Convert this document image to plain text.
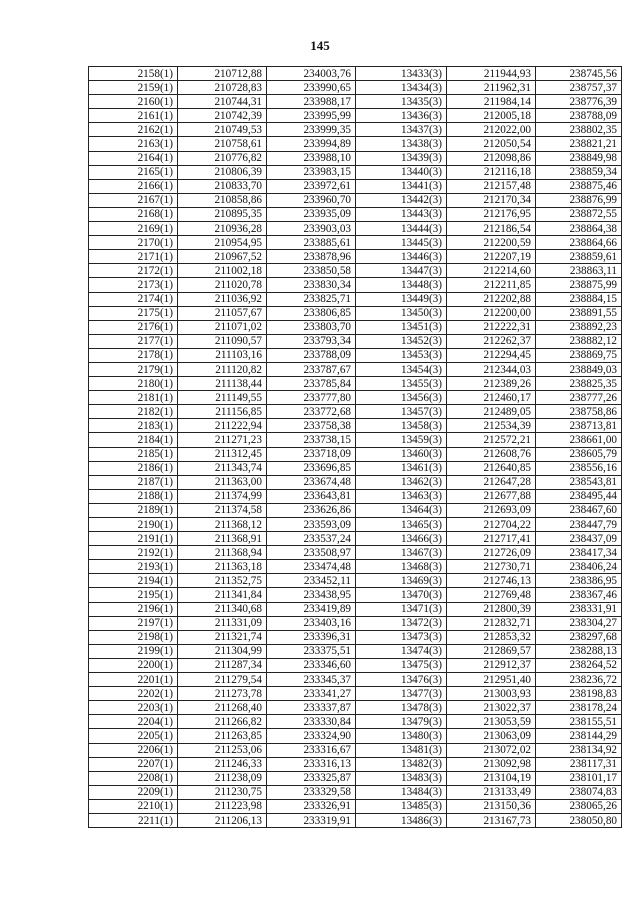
145
2158(1)	210712,88	234003,76	13433(3)	211944,93	238745,56
2159(1)	210728,83	233990,65	13434(3)	211962,31	238757,37
2160(1)	210744,31	233988,17	13435(3)	211984,14	238776,39
2161(1)	210742,39	233995,99	13436(3)	212005,18	238788,09
2162(1)	210749,53	233999,35	13437(3)	212022,00	238802,35
2163(1)	210758,61	233994,89	13438(3)	212050,54	238821,21
2164(1)	210776,82	233988,10	13439(3)	212098,86	238849,98
2165(1)	210806,39	233983,15	13440(3)	212116,18	238859,34
2166(1)	210833,70	233972,61	13441(3)	212157,48	238875,46
2167(1)	210858,86	233960,70	13442(3)	212170,34	238876,99
2168(1)	210895,35	233935,09	13443(3)	212176,95	238872,55
2169(1)	210936,28	233903,03	13444(3)	212186,54	238864,38
2170(1)	210954,95	233885,61	13445(3)	212200,59	238864,66
2171(1)	210967,52	233878,96	13446(3)	212207,19	238859,61
2172(1)	211002,18	233850,58	13447(3)	212214,60	238863,11
2173(1)	211020,78	233830,34	13448(3)	212211,85	238875,99
2174(1)	211036,92	233825,71	13449(3)	212202,88	238884,15
2175(1)	211057,67	233806,85	13450(3)	212200,00	238891,55
2176(1)	211071,02	233803,70	13451(3)	212222,31	238892,23
2177(1)	211090,57	233793,34	13452(3)	212262,37	238882,12
2178(1)	211103,16	233788,09	13453(3)	212294,45	238869,75
2179(1)	211120,82	233787,67	13454(3)	212344,03	238849,03
2180(1)	211138,44	233785,84	13455(3)	212389,26	238825,35
2181(1)	211149,55	233777,80	13456(3)	212460,17	238777,26
2182(1)	211156,85	233772,68	13457(3)	212489,05	238758,86
2183(1)	211222,94	233758,38	13458(3)	212534,39	238713,81
2184(1)	211271,23	233738,15	13459(3)	212572,21	238661,00
2185(1)	211312,45	233718,09	13460(3)	212608,76	238605,79
2186(1)	211343,74	233696,85	13461(3)	212640,85	238556,16
2187(1)	211363,00	233674,48	13462(3)	212647,28	238543,81
2188(1)	211374,99	233643,81	13463(3)	212677,88	238495,44
2189(1)	211374,58	233626,86	13464(3)	212693,09	238467,60
2190(1)	211368,12	233593,09	13465(3)	212704,22	238447,79
2191(1)	211368,91	233537,24	13466(3)	212717,41	238437,09
2192(1)	211368,94	233508,97	13467(3)	212726,09	238417,34
2193(1)	211363,18	233474,48	13468(3)	212730,71	238406,24
2194(1)	211352,75	233452,11	13469(3)	212746,13	238386,95
2195(1)	211341,84	233438,95	13470(3)	212769,48	238367,46
2196(1)	211340,68	233419,89	13471(3)	212800,39	238331,91
2197(1)	211331,09	233403,16	13472(3)	212832,71	238304,27
2198(1)	211321,74	233396,31	13473(3)	212853,32	238297,68
2199(1)	211304,99	233375,51	13474(3)	212869,57	238288,13
2200(1)	211287,34	233346,60	13475(3)	212912,37	238264,52
2201(1)	211279,54	233345,37	13476(3)	212951,40	238236,72
2202(1)	211273,78	233341,27	13477(3)	213003,93	238198,83
2203(1)	211268,40	233337,87	13478(3)	213022,37	238178,24
2204(1)	211266,82	233330,84	13479(3)	213053,59	238155,51
2205(1)	211263,85	233324,90	13480(3)	213063,09	238144,29
2206(1)	211253,06	233316,67	13481(3)	213072,02	238134,92
2207(1)	211246,33	233316,13	13482(3)	213092,98	238117,31
2208(1)	211238,09	233325,87	13483(3)	213104,19	238101,17
2209(1)	211230,75	233329,58	13484(3)	213133,49	238074,83
2210(1)	211223,98	233326,91	13485(3)	213150,36	238065,26
2211(1)	211206,13	233319,91	13486(3)	213167,73	238050,80
